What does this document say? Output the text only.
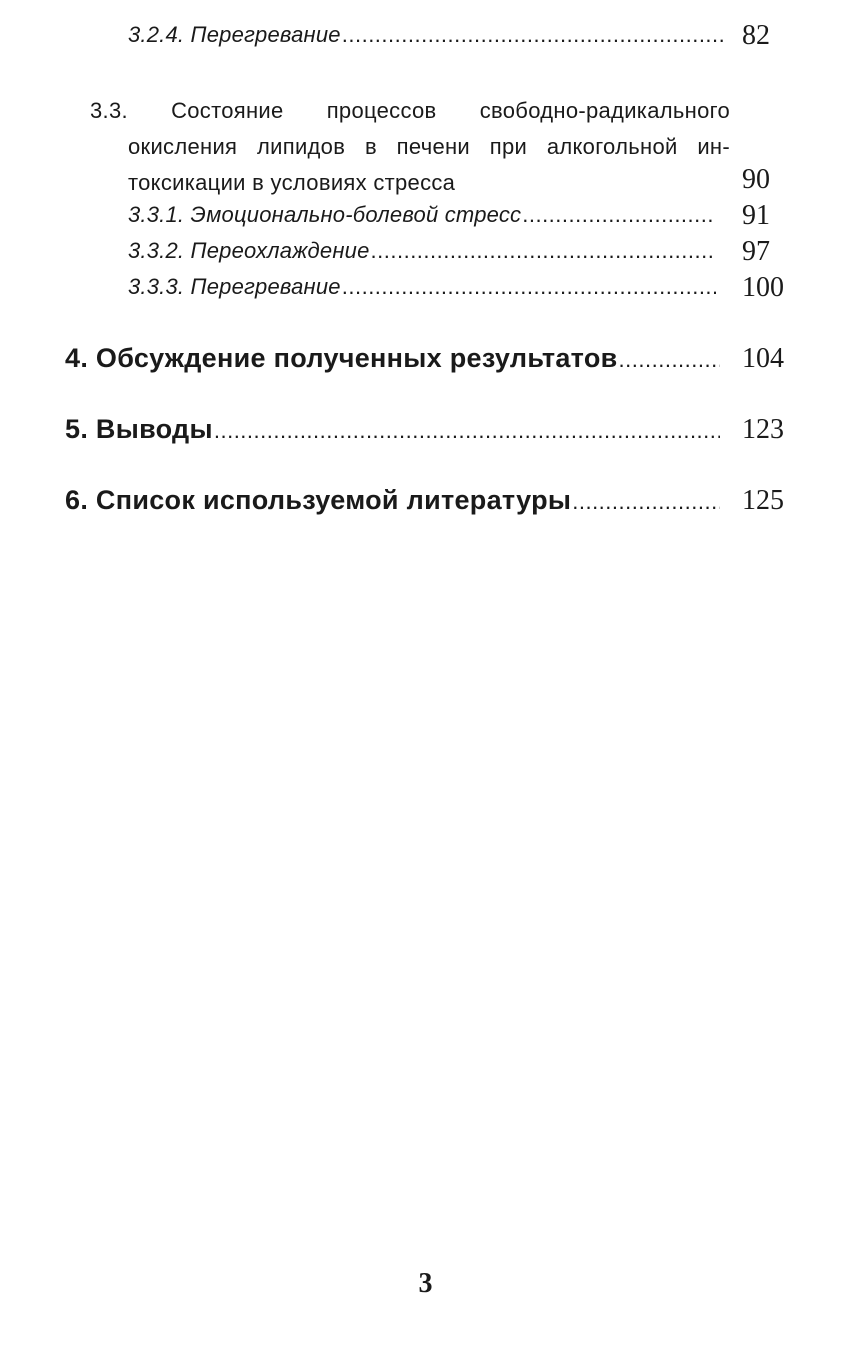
3.2.4. Перегревание .....	82
3.3. Состояние процессов свободно-радикального
окисления липидов в печени при алкогольной ин-
токсикации в условиях стресса	90
3.3.1. Эмоционально-болевой стресс .....	91
3.3.2. Переохлаждение .....	97
3.3.3. Перегревание .....	100
4. Обсуждение полученных результатов .....	104
5. Выводы .....	123
6. Список используемой литературы .....	125
3
